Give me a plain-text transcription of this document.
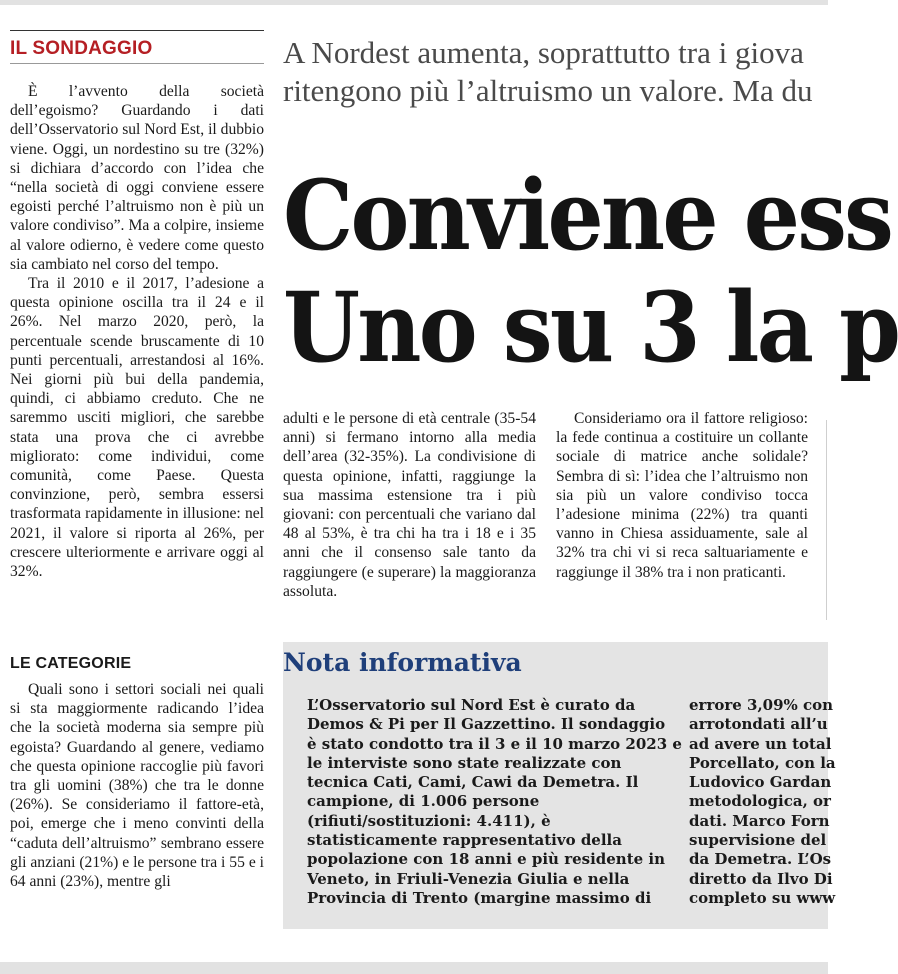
IL SONDAGGIO

È l’avvento della società dell’egoismo? Guardando i dati dell’Osservatorio sul Nord Est, il dubbio viene. Oggi, un nordestino su tre (32%) si dichiara d’accordo con l’idea che “nella società di oggi conviene essere egoisti perché l’altruismo non è più un valore condiviso”. Ma a colpire, insieme al valore odierno, è vedere come questo sia cambiato nel corso del tempo.

Tra il 2010 e il 2017, l’adesione a questa opinione oscilla tra il 24 e il 26%. Nel marzo 2020, però, la percentuale scende bruscamente di 10 punti percentuali, arrestandosi al 16%. Nei giorni più bui della pandemia, quindi, ci abbiamo creduto. Che ne saremmo usciti migliori, che sarebbe stata una prova che ci avrebbe migliorato: come individui, come comunità, come Paese. Questa convinzione, però, sembra essersi trasformata rapidamente in illusione: nel 2021, il valore si riporta al 26%, per crescere ulteriormente e arrivare oggi al 32%.

LE CATEGORIE

Quali sono i settori sociali nei quali si sta maggiormente radicando l’idea che la società moderna sia sempre più egoista? Guardando al genere, vediamo che questa opinione raccoglie più favori tra gli uomini (38%) che tra le donne (26%). Se consideriamo il fattore-età, poi, emerge che i meno convinti della “caduta dell’altruismo” sembrano essere gli anziani (21%) e le persone tra i 55 e i 64 anni (23%), mentre gli

A Nordest aumenta, soprattutto tra i giova
ritengono più l’altruismo un valore. Ma du
Conviene ess
Uno su 3 la p

adulti e le persone di età centrale (35-54 anni) si fermano intorno alla media dell’area (32-35%). La condivisione di questa opinione, infatti, raggiunge la sua massima estensione tra i più giovani: con percentuali che variano dal 48 al 53%, è tra chi ha tra i 18 e i 35 anni che il consenso sale tanto da raggiungere (e superare) la maggioranza assoluta.

Consideriamo ora il fattore religioso: la fede continua a costituire un collante sociale di matrice anche solidale? Sembra di sì: l’idea che l’altruismo non sia più un valore condiviso tocca l’adesione minima (22%) tra quanti vanno in Chiesa assiduamente, sale al 32% tra chi vi si reca saltuariamente e raggiunge il 38% tra i non praticanti.

Nota informativa
L’Osservatorio sul Nord Est è curato da
Demos & Pi per Il Gazzettino. Il sondaggio
è stato condotto tra il 3 e il 10 marzo 2023 e
le interviste sono state realizzate con
tecnica Cati, Cami, Cawi da Demetra. Il
campione, di 1.006 persone
(rifiuti/sostituzioni: 4.411), è
statisticamente rappresentativo della
popolazione con 18 anni e più residente in
Veneto, in Friuli-Venezia Giulia e nella
Provincia di Trento (margine massimo di
errore 3,09% con
arrotondati all’u
ad avere un total
Porcellato, con la
Ludovico Gardan
metodologica, or
dati. Marco Forn
supervisione del
da Demetra. L’Os
diretto da Ilvo Di
completo su www
